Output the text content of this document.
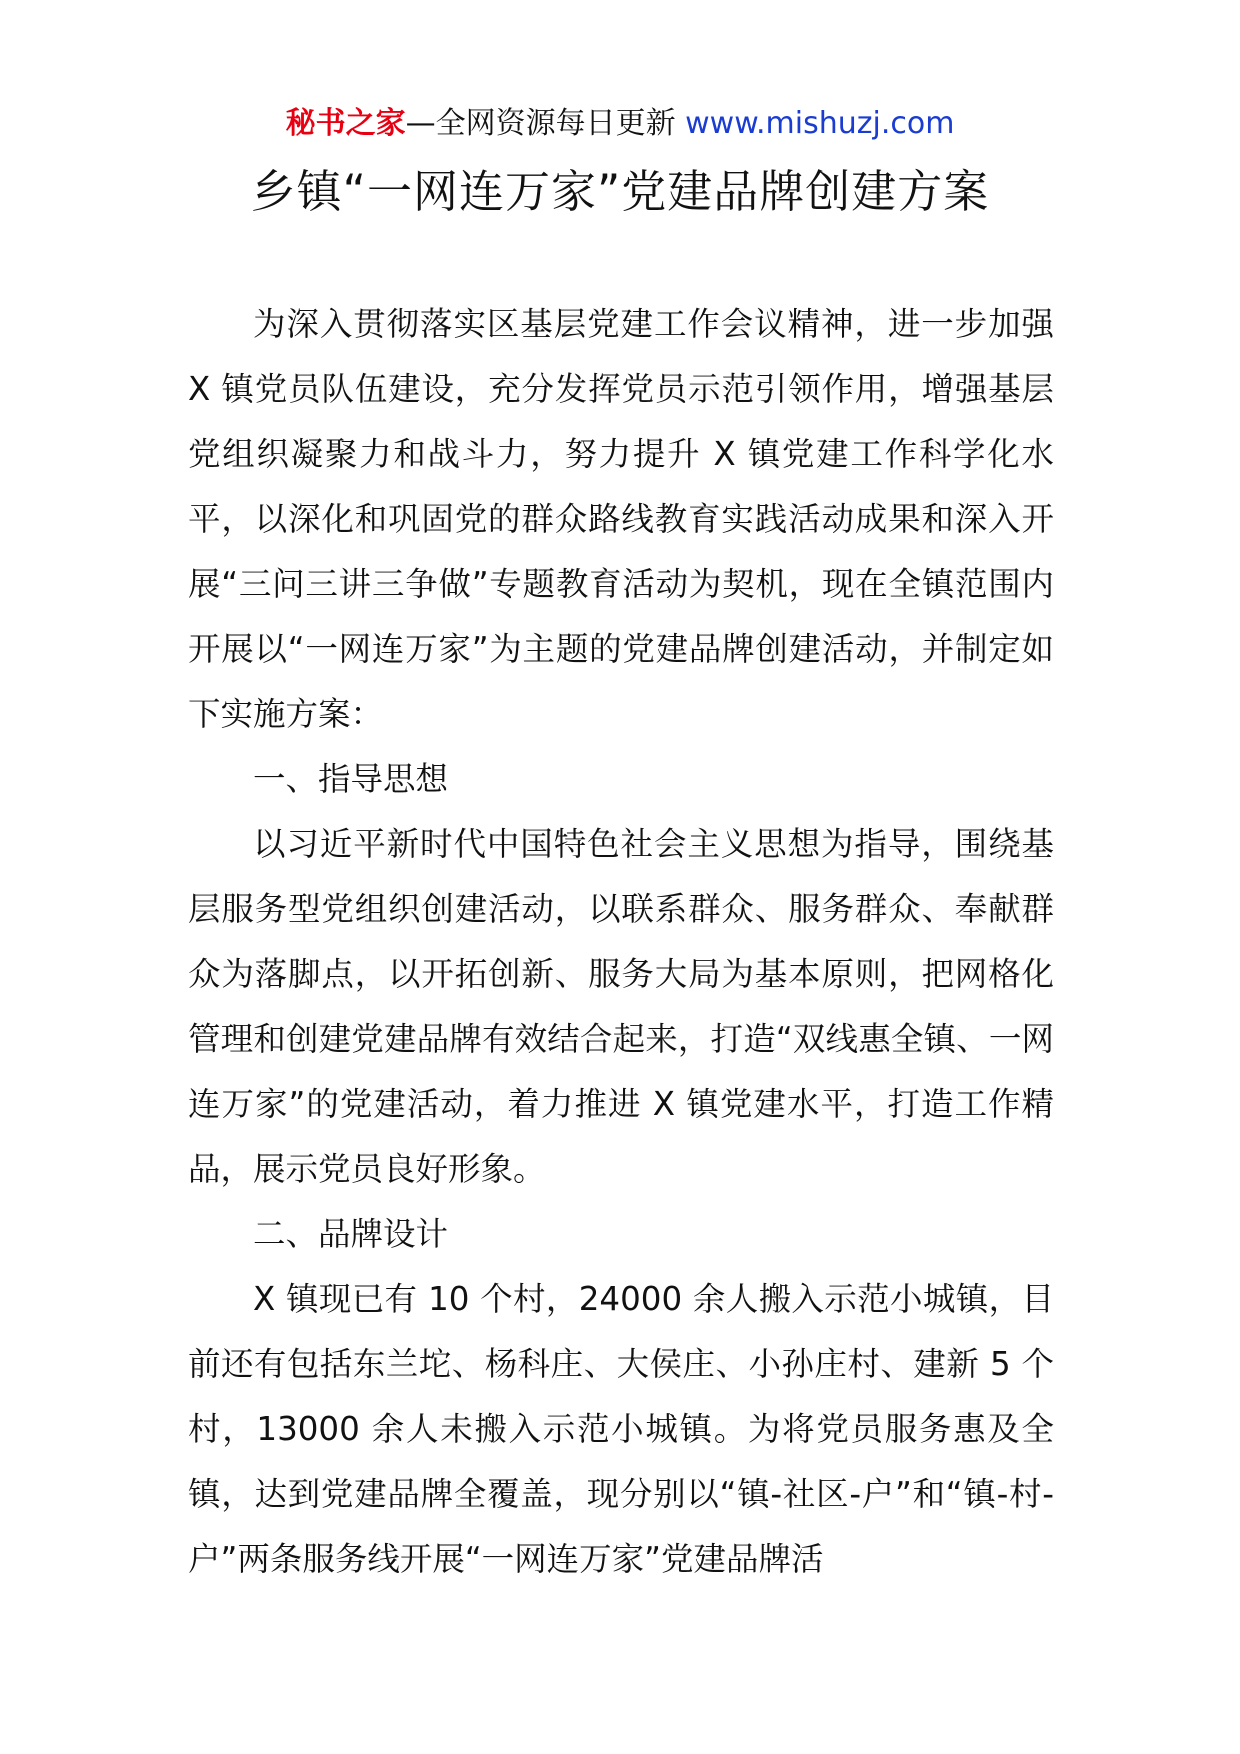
秘书之家—全网资源每日更新 www.mishuzj.com
乡镇“一网连万家”党建品牌创建方案

为深入贯彻落实区基层党建工作会议精神，进一步加强 X 镇党员队伍建设，充分发挥党员示范引领作用，增强基层党组织凝聚力和战斗力，努力提升 X 镇党建工作科学化水平，以深化和巩固党的群众路线教育实践活动成果和深入开展“三问三讲三争做”专题教育活动为契机，现在全镇范围内开展以“一网连万家”为主题的党建品牌创建活动，并制定如下实施方案：

一、指导思想

以习近平新时代中国特色社会主义思想为指导，围绕基层服务型党组织创建活动，以联系群众、服务群众、奉献群众为落脚点，以开拓创新、服务大局为基本原则，把网格化管理和创建党建品牌有效结合起来，打造“双线惠全镇、一网连万家”的党建活动，着力推进 X 镇党建水平，打造工作精品，展示党员良好形象。

二、品牌设计

X 镇现已有 10 个村，24000 余人搬入示范小城镇，目前还有包括东兰坨、杨科庄、大侯庄、小孙庄村、建新 5 个村，13000 余人未搬入示范小城镇。为将党员服务惠及全镇，达到党建品牌全覆盖，现分别以“镇-社区-户”和“镇-村-户”两条服务线开展“一网连万家”党建品牌活
